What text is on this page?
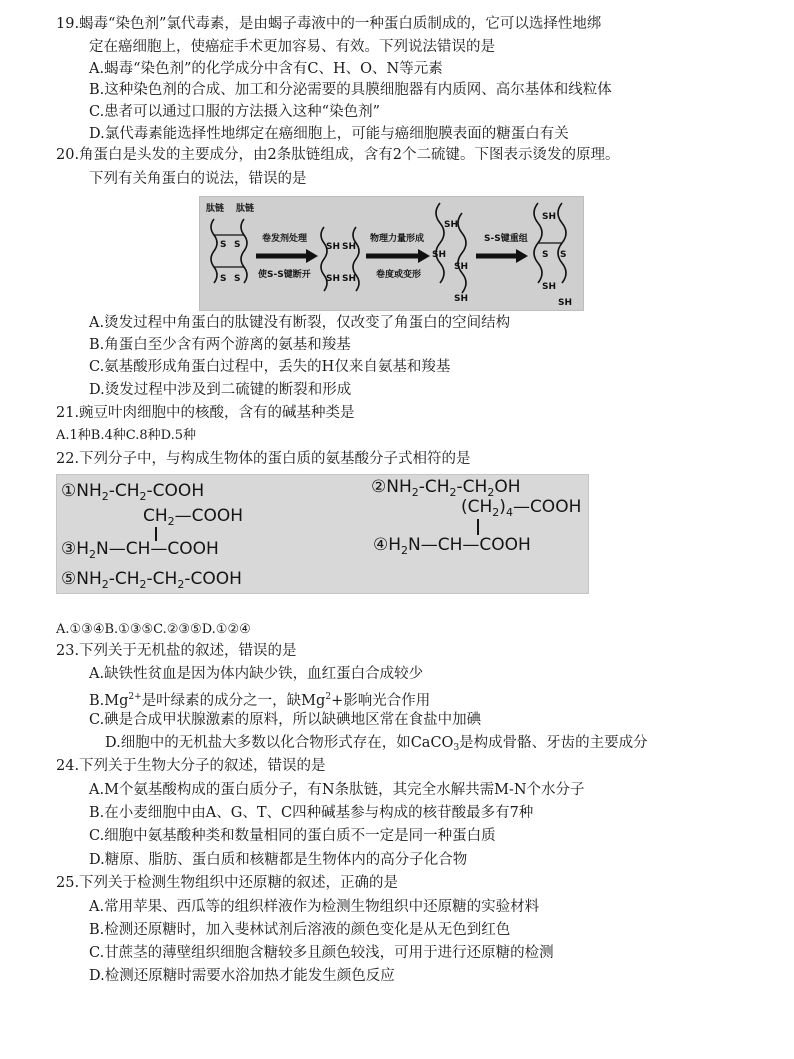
19.蝎毒“染色剂”氯代毒素，是由蝎子毒液中的一种蛋白质制成的，它可以选择性地绑
定在癌细胞上，使癌症手术更加容易、有效。下列说法错误的是
A.蝎毒“染色剂”的化学成分中含有C、H、O、N等元素
B.这种染色剂的合成、加工和分泌需要的具膜细胞器有内质网、高尔基体和线粒体
C.患者可以通过口服的方法摄入这种“染色剂”
D.氯代毒素能选择性地绑定在癌细胞上，可能与癌细胞膜表面的糖蛋白有关
20.角蛋白是头发的主要成分，由2条肽链组成，含有2个二硫键。下图表示烫发的原理。
下列有关角蛋白的说法，错误的是
肽链 肽链
S S
S S
卷发剂处理
使S-S键断开
SH SH
SH SH
物理力量形成
卷度或变形
SH
SH
SH
SH
S-S键重组
SH
S S
SH
SH
A.烫发过程中角蛋白的肽键没有断裂，仅改变了角蛋白的空间结构
B.角蛋白至少含有两个游离的氨基和羧基
C.氨基酸形成角蛋白过程中，丢失的H仅来自氨基和羧基
D.烫发过程中涉及到二硫键的断裂和形成
21.豌豆叶肉细胞中的核酸，含有的碱基种类是
A.1种B.4种C.8种D.5种
22.下列分子中，与构成生物体的蛋白质的氨基酸分子式相符的是
$①NH_2-CH_2$-COOH	$②NH_2-CH_2-CH_2OH$
$CH_2—COOH$
$③H_2N—CH—COOH$
$(CH_2)_4—COOH$
$④H_2N—CH—COOH$
$⑤NH_2-CH_2-CH_2$-COOH
A.①③④B.①③⑤C.②③⑤D.①②④
23.下列关于无机盐的叙述，错误的是
A.缺铁性贫血是因为体内缺少铁，血红蛋白合成较少
$B.Mg^{2+}$是叶绿素的成分之一，缺$Mg^2+$影响光合作用
C.碘是合成甲状腺激素的原料，所以缺碘地区常在食盐中加碘
D.细胞中的无机盐大多数以化合物形式存在，如CaCO$_3$是构成骨骼、牙齿的主要成分
24.下列关于生物大分子的叙述，错误的是
A.M个氨基酸构成的蛋白质分子，有N条肽链，其完全水解共需M-N个水分子
B.在小麦细胞中由A、G、T、C四种碱基参与构成的核苷酸最多有7种
C.细胞中氨基酸种类和数量相同的蛋白质不一定是同一种蛋白质
D.糖原、脂肪、蛋白质和核糖都是生物体内的高分子化合物
25.下列关于检测生物组织中还原糖的叙述，正确的是
A.常用苹果、西瓜等的组织样液作为检测生物组织中还原糖的实验材料
B.检测还原糖时，加入斐林试剂后溶液的颜色变化是从无色到红色
C.甘蔗茎的薄壁组织细胞含糖较多且颜色较浅，可用于进行还原糖的检测
D.检测还原糖时需要水浴加热才能发生颜色反应
